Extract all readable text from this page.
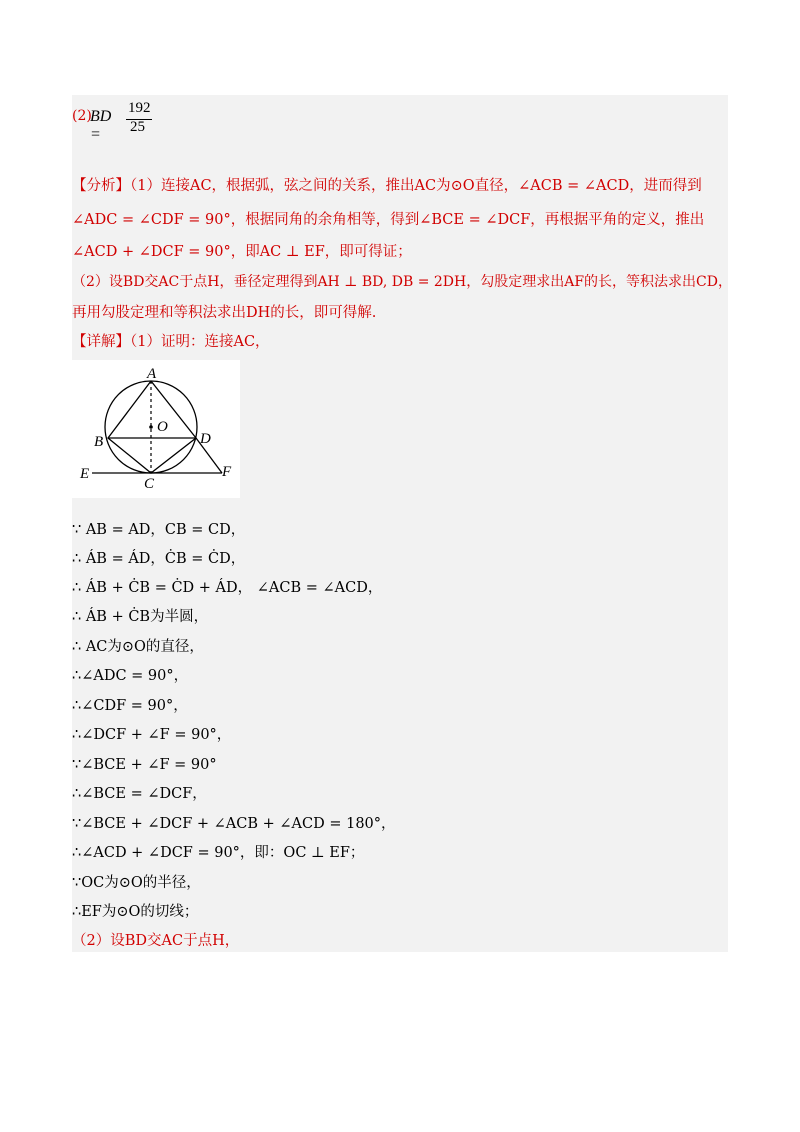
(2)
BD =
192
25
【分析】（1）连接AC，根据弧，弦之间的关系，推出AC为⊙O直径，∠ACB = ∠ACD，进而得到
∠ADC = ∠CDF = 90°，根据同角的余角相等，得到∠BCE = ∠DCF，再根据平角的定义，推出
∠ACD + ∠DCF = 90°，即AC ⊥ EF，即可得证；
（2）设BD交AC于点H，垂径定理得到AH ⊥ BD, DB = 2DH，勾股定理求出AF的长，等积法求出CD，
再用勾股定理和等积法求出DH的长，即可得解.
【详解】（1）证明：连接AC，
A
O
B	D
E	F
C
∵ AB = AD，CB = CD，
∴ ÁB = ÁD，ĊB = ĊD，
∴ ÁB + ĊB = ĊD + ÁD， ∠ACB = ∠ACD，
∴ ÁB + ĊB为半圆，
∴ AC为⊙O的直径，
∴∠ADC = 90°，
∴∠CDF = 90°，
∴∠DCF + ∠F = 90°，
∵∠BCE + ∠F = 90°
∴∠BCE = ∠DCF，
∵∠BCE + ∠DCF + ∠ACB + ∠ACD = 180°，
∴∠ACD + ∠DCF = 90°，即：OC ⊥ EF；
∵OC为⊙O的半径，
∴EF为⊙O的切线；
（2）设BD交AC于点H，
